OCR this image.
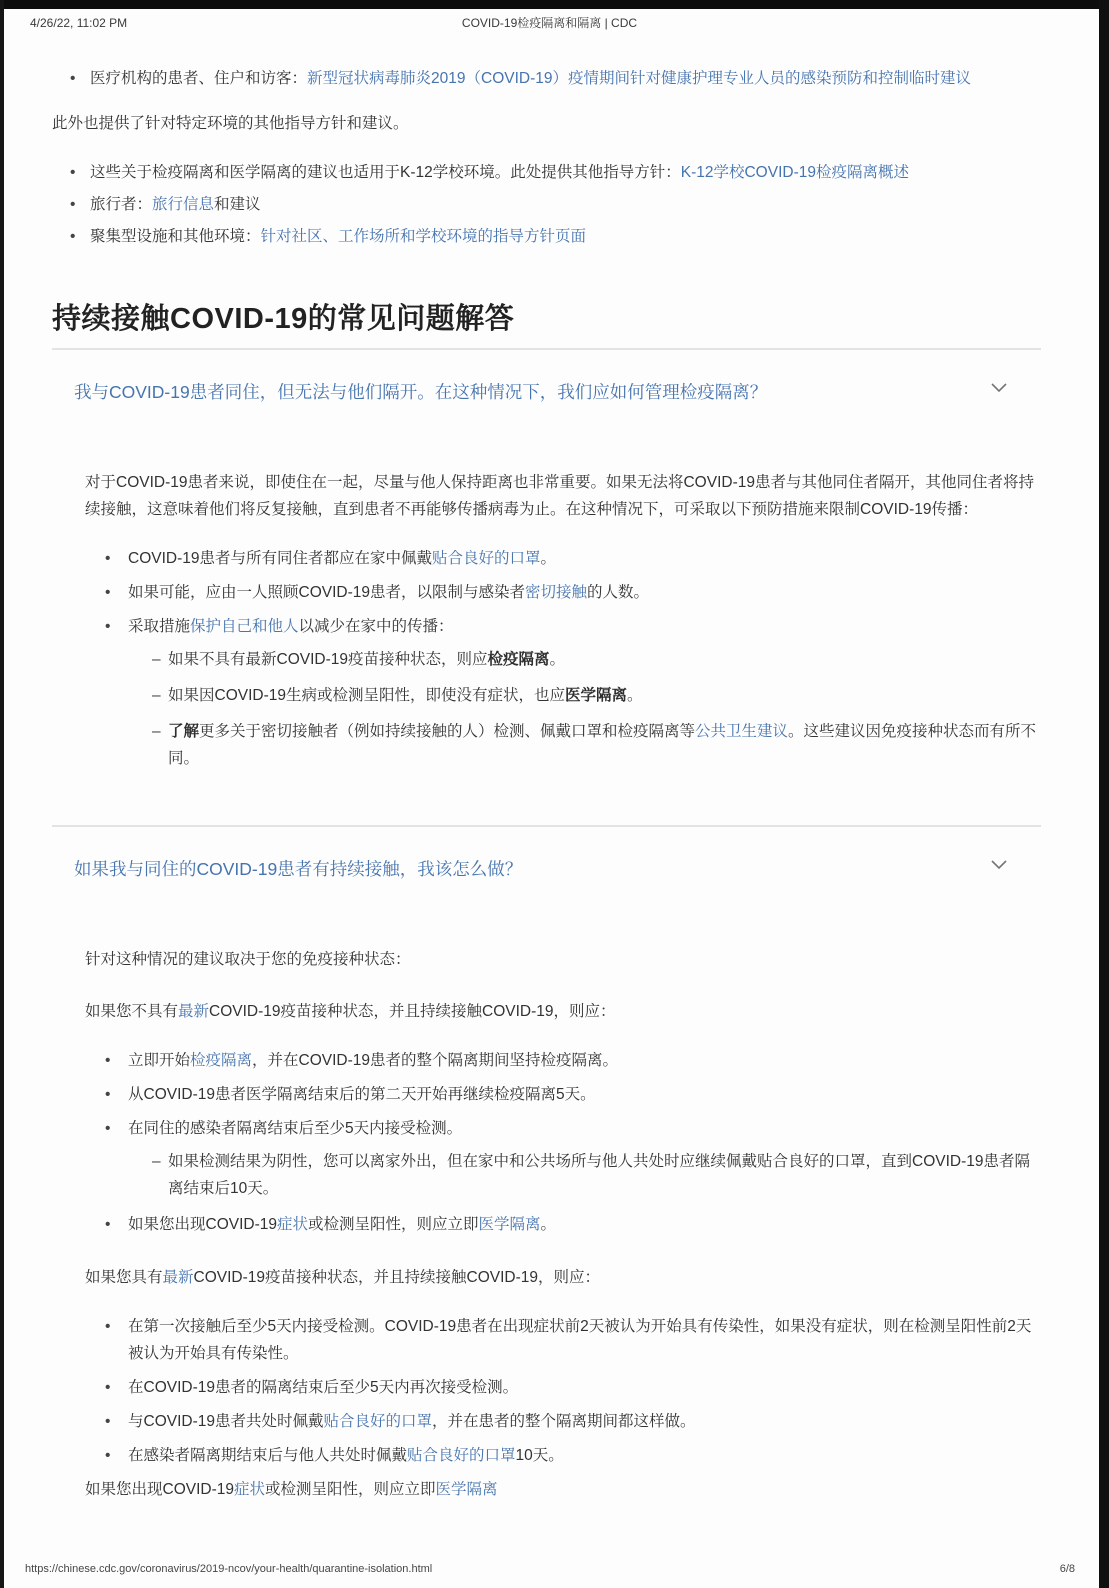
4/26/22, 11:02 PM	COVID-19检疫隔离和隔离 | CDC
• 医疗机构的患者、住户和访客：新型冠状病毒肺炎2019（COVID-19）疫情期间针对健康护理专业人员的感染预防和控制临时建议

此外也提供了针对特定环境的其他指导方针和建议。

• 这些关于检疫隔离和医学隔离的建议也适用于K-12学校环境。此处提供其他指导方针：K-12学校COVID-19检疫隔离概述
• 旅行者：旅行信息和建议
• 聚集型设施和其他环境：针对社区、工作场所和学校环境的指导方针页面
持续接触COVID-19的常见问题解答
我与COVID-19患者同住，但无法与他们隔开。在这种情况下，我们应如何管理检疫隔离？

对于COVID-19患者来说，即使住在一起，尽量与他人保持距离也非常重要。如果无法将COVID-19患者与其他同住者隔开，其他同住者将持续接触，这意味着他们将反复接触，直到患者不再能够传播病毒为止。在这种情况下，可采取以下预防措施来限制COVID-19传播：

• COVID-19患者与所有同住者都应在家中佩戴贴合良好的口罩。
• 如果可能，应由一人照顾COVID-19患者，以限制与感染者密切接触的人数。
• 采取措施保护自己和他人以减少在家中的传播：
– 如果不具有最新COVID-19疫苗接种状态，则应检疫隔离。
– 如果因COVID-19生病或检测呈阳性，即使没有症状，也应医学隔离。
– 了解更多关于密切接触者（例如持续接触的人）检测、佩戴口罩和检疫隔离等公共卫生建议。这些建议因免疫接种状态而有所不同。
如果我与同住的COVID-19患者有持续接触，我该怎么做？

针对这种情况的建议取决于您的免疫接种状态：

如果您不具有最新COVID-19疫苗接种状态，并且持续接触COVID-19，则应：

• 立即开始检疫隔离，并在COVID-19患者的整个隔离期间坚持检疫隔离。
• 从COVID-19患者医学隔离结束后的第二天开始再继续检疫隔离5天。
• 在同住的感染者隔离结束后至少5天内接受检测。
– 如果检测结果为阴性，您可以离家外出，但在家中和公共场所与他人共处时应继续佩戴贴合良好的口罩，直到COVID-19患者隔离结束后10天。
• 如果您出现COVID-19症状或检测呈阳性，则应立即医学隔离。

如果您具有最新COVID-19疫苗接种状态，并且持续接触COVID-19，则应：

• 在第一次接触后至少5天内接受检测。COVID-19患者在出现症状前2天被认为开始具有传染性，如果没有症状，则在检测呈阳性前2天被认为开始具有传染性。
• 在COVID-19患者的隔离结束后至少5天内再次接受检测。
• 与COVID-19患者共处时佩戴贴合良好的口罩，并在患者的整个隔离期间都这样做。
• 在感染者隔离期结束后与他人共处时佩戴贴合良好的口罩10天。

如果您出现COVID-19症状或检测呈阳性，则应立即医学隔离

https://chinese.cdc.gov/coronavirus/2019-ncov/your-health/quarantine-isolation.html	6/8
